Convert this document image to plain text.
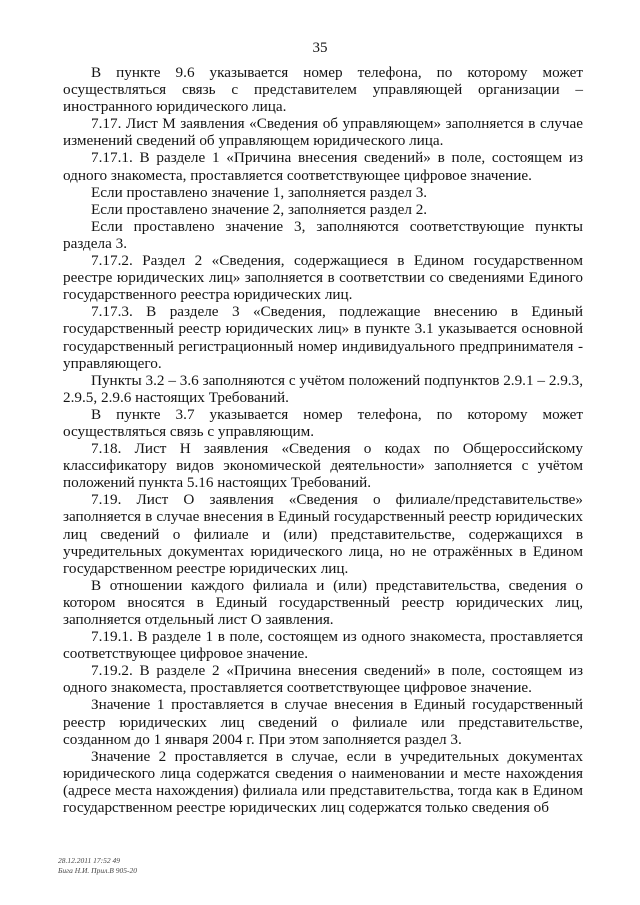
35

В пункте 9.6 указывается номер телефона, по которому может осуществляться связь с представителем управляющей организации – иностранного юридического лица.

7.17. Лист М заявления «Сведения об управляющем» заполняется в случае изменений сведений об управляющем юридического лица.

7.17.1. В разделе 1 «Причина внесения сведений» в поле, состоящем из одного знакоместа, проставляется соответствующее цифровое значение.

Если проставлено значение 1, заполняется раздел 3.

Если проставлено значение 2, заполняется раздел 2.

Если проставлено значение 3, заполняются соответствующие пункты раздела 3.

7.17.2. Раздел 2 «Сведения, содержащиеся в Едином государственном реестре юридических лиц» заполняется в соответствии со сведениями Единого государственного реестра юридических лиц.

7.17.3. В разделе 3 «Сведения, подлежащие внесению в Единый государственный реестр юридических лиц» в пункте 3.1 указывается основной государственный регистрационный номер индивидуального предпринимателя - управляющего.

Пункты 3.2 – 3.6 заполняются с учётом положений подпунктов 2.9.1 – 2.9.3, 2.9.5, 2.9.6 настоящих Требований.

В пункте 3.7 указывается номер телефона, по которому может осуществляться связь с управляющим.

7.18. Лист Н заявления «Сведения о кодах по Общероссийскому классификатору видов экономической деятельности» заполняется с учётом положений пункта 5.16 настоящих Требований.

7.19. Лист О заявления «Сведения о филиале/представительстве» заполняется в случае внесения в Единый государственный реестр юридических лиц сведений о филиале и (или) представительстве, содержащихся в учредительных документах юридического лица, но не отражённых в Едином государственном реестре юридических лиц.

В отношении каждого филиала и (или) представительства, сведения о котором вносятся в Единый государственный реестр юридических лиц, заполняется отдельный лист О заявления.

7.19.1. В разделе 1 в поле, состоящем из одного знакоместа, проставляется соответствующее цифровое значение.

7.19.2. В разделе 2 «Причина внесения сведений» в поле, состоящем из одного знакоместа, проставляется соответствующее цифровое значение.

Значение 1 проставляется в случае внесения в Единый государственный реестр юридических лиц сведений о филиале или представительстве, созданном до 1 января 2004 г. При этом заполняется раздел 3.

Значение 2 проставляется в случае, если в учредительных документах юридического лица содержатся сведения о наименовании и месте нахождения (адресе места нахождения) филиала или представительства, тогда как в Едином государственном реестре юридических лиц содержатся только сведения об

28.12.2011 17:52 49
Бига Н.И. Прил.В 905-20
